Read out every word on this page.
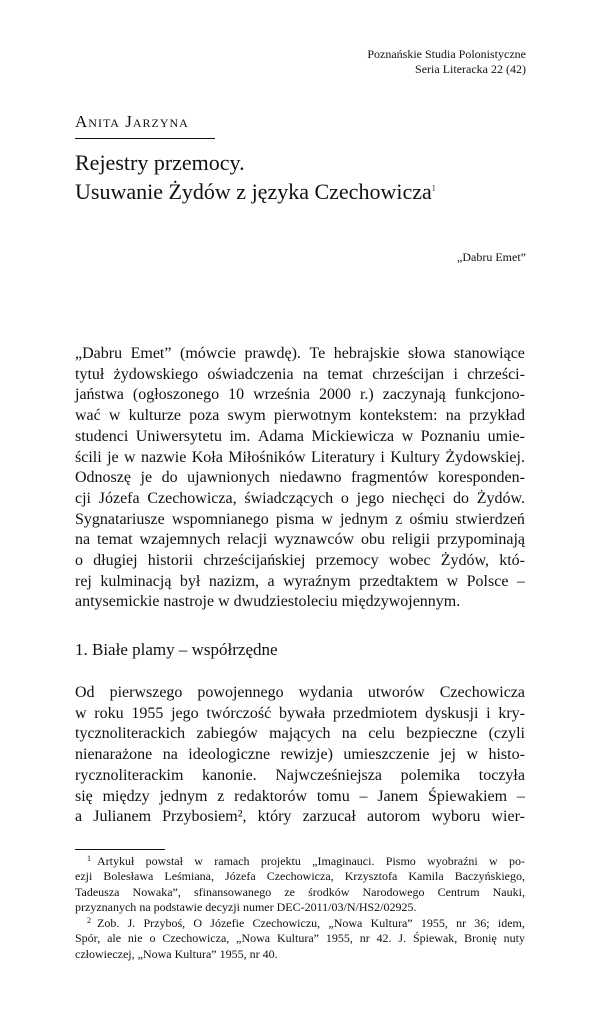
Poznańskie Studia Polonistyczne
Seria Literacka 22 (42)
Anita Jarzyna
Rejestry przemocy.
Usuwanie Żydów z języka Czechowicza$^1$
„Dabru Emet”
„Dabru Emet” (mówcie prawdę). Te hebrajskie słowa stanowiące
tytuł żydowskiego oświadczenia na temat chrześcijan i chrześci-
jaństwa (ogłoszonego 10 września 2000 r.) zaczynają funkcjono-
wać w kulturze poza swym pierwotnym kontekstem: na przykład
studenci Uniwersytetu im. Adama Mickiewicza w Poznaniu umie-
ścili je w nazwie Koła Miłośników Literatury i Kultury Żydowskiej.
Odnoszę je do ujawnionych niedawno fragmentów koresponden-
cji Józefa Czechowicza, świadczących o jego niechęci do Żydów.
Sygnatariusze wspomnianego pisma w jednym z ośmiu stwierdzeń
na temat wzajemnych relacji wyznawców obu religii przypominają
o długiej historii chrześcijańskiej przemocy wobec Żydów, któ-
rej kulminacją był nazizm, a wyraźnym przedtaktem w Polsce –
antysemickie nastroje w dwudziestoleciu międzywojennym.
1. Białe plamy – współrzędne
Od pierwszego powojennego wydania utworów Czechowicza
w roku 1955 jego twórczość bywała przedmiotem dyskusji i kry-
tycznoliterackich zabiegów mających na celu bezpieczne (czyli
nienarażone na ideologiczne rewizje) umieszczenie jej w histo-
rycznoliterackim kanonie. Najwcześniejsza polemika toczyła
się między jednym z redaktorów tomu – Janem Śpiewakiem –
a Julianem Przybosiem², który zarzucał autorom wyboru wier-
Artykuł powstał w ramach projektu „Imaginauci. Pismo wyobraźni w po-
1
ezji Bolesława Leśmiana, Józefa Czechowicza, Krzysztofa Kamila Baczyńskiego,
Tadeusza Nowaka”, sfinansowanego ze środków Narodowego Centrum Nauki,
przyznanych na podstawie decyzji numer DEC-2011/03/N/HS2/02925.
Zob. J. Przyboś, O Józefie Czechowiczu, „Nowa Kultura” 1955, nr 36; idem,
2
Spór, ale nie o Czechowicza, „Nowa Kultura” 1955, nr 42. J. Śpiewak, Bronię nuty
człowieczej, „Nowa Kultura” 1955, nr 40.
